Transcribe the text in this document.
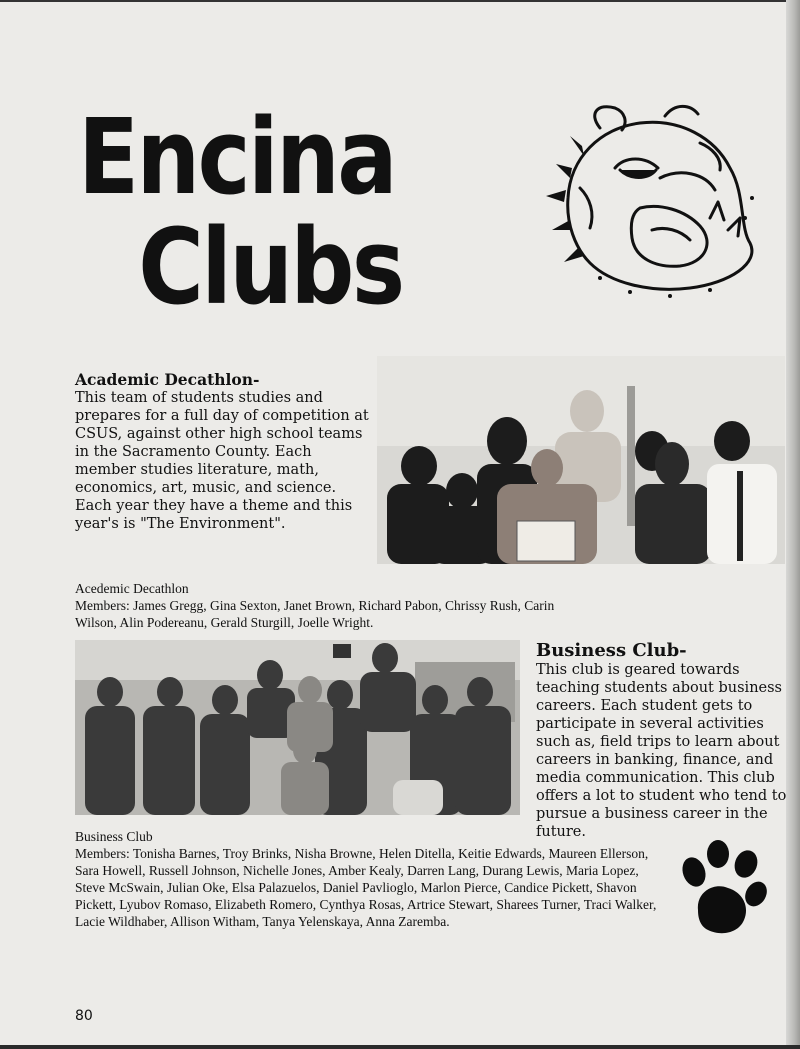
Encina
Clubs
Academic Decathlon-
This team of students studies and prepares for a full day of competition at CSUS, against other high school teams in the Sacramento County. Each member studies literature, math, economics, art, music, and science. Each year they have a theme and this year's is "The Environment".
Acedemic Decathlon
Members: James Gregg, Gina Sexton, Janet Brown, Richard Pabon, Chrissy Rush, Carin Wilson, Alin Podereanu, Gerald Sturgill, Joelle Wright.
Business Club-
This club is geared towards teaching students about business careers. Each student gets to participate in several activities such as, field trips to learn about careers in banking, finance, and media communication. This club offers a lot to student who tend to pursue a business career in the future.
Business Club
Members: Tonisha Barnes, Troy Brinks, Nisha Browne, Helen Ditella, Keitie Edwards, Maureen Ellerson, Sara Howell, Russell Johnson, Nichelle Jones, Amber Kealy, Darren Lang, Durang Lewis, Maria Lopez, Steve McSwain, Julian Oke, Elsa Palazuelos, Daniel Pavlioglo, Marlon Pierce, Candice Pickett, Shavon Pickett, Lyubov Romaso, Elizabeth Romero, Cynthya Rosas, Artrice Stewart, Sharees Turner, Traci Walker, Lacie Wildhaber, Allison Witham, Tanya Yelenskaya, Anna Zaremba.
80
